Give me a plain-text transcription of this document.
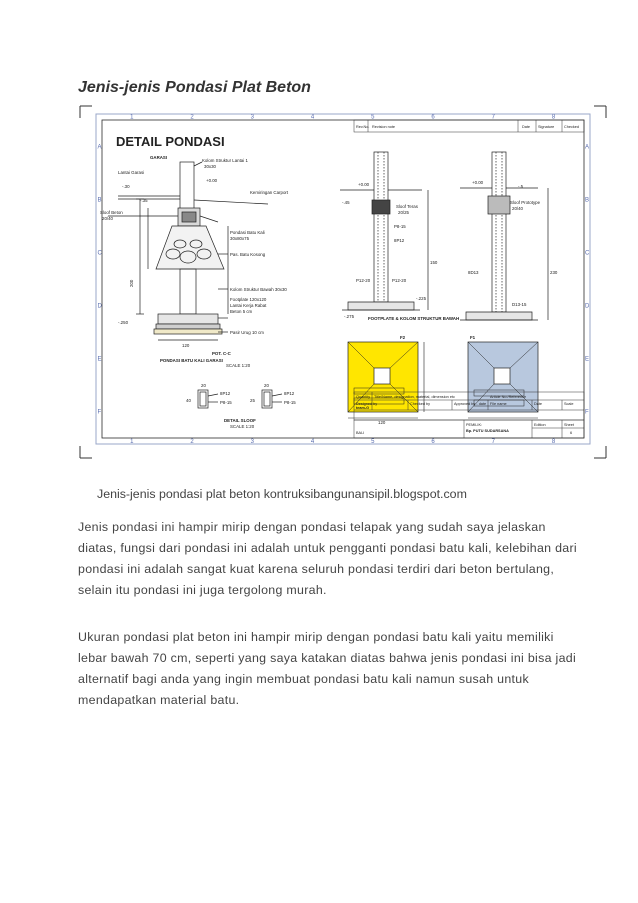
Jenis-jenis Pondasi Plat Beton
1
1
2
2
3
3
4
4
5
5
6
6
7
7
8
8
A	A
B	B
C	C
D	D
E	E
F	F
DETAIL PONDASI
GARASI
Lantai Garasi
Kolom Struktur Lantai 1
30x30
+0.00
-.30
-.35
Kemiringan Carport
Sloof Beton
20/40
Pondasi Batu Kali
30x80x75
Pas. Batu Kosong
Kolom Struktur Bawah 30x30
Footplate 120x120
Lantai Kerja Rabat
Beton 5 cm
Pasir Urug 10 cm
120
200
-.250
POT. C-C
PONDASI BATU KALI GARASI
SCALE 1:20
20	20
40	25
8P12
P8-15
8P12
P8-15
DETAIL SLOOF
SCALE 1:20
+0.00
-.45
Sloof Teras
20/25
P8-15
8P12
P12-20	P12-20
150
-.275
-.225
FOOTPLATE & KOLOM STRUKTUR BAWAH
F2
120
+0.00
-.5
Sloof Prototype
20/40
8D13
D13-15
230
F1
Rev.No. Revision note	Date Signature	Checked
Quantity Title/Name, designation, material, dimension etc	Article No./Reference
Designed by
team-G
Checked by	Approved by - date File name	Date	Scale
PEMILIK:
Bp. PUTU SUDARSANA
Edition	Sheet
6
BALI
Jenis-jenis pondasi plat beton kontruksibangunansipil.blogspot.com

Jenis pondasi ini hampir mirip dengan pondasi telapak yang sudah saya jelaskan diatas, fungsi dari pondasi ini adalah untuk pengganti pondasi batu kali, kelebihan dari pondasi ini adalah sangat kuat karena seluruh pondasi terdiri dari beton bertulang, selain itu pondasi ini juga tergolong murah.

Ukuran pondasi plat beton ini hampir mirip dengan pondasi batu kali yaitu memiliki lebar bawah 70 cm, seperti yang saya katakan diatas bahwa jenis pondasi ini bisa jadi alternatif bagi anda yang ingin membuat pondasi batu kali namun susah untuk mendapatkan material batu.
